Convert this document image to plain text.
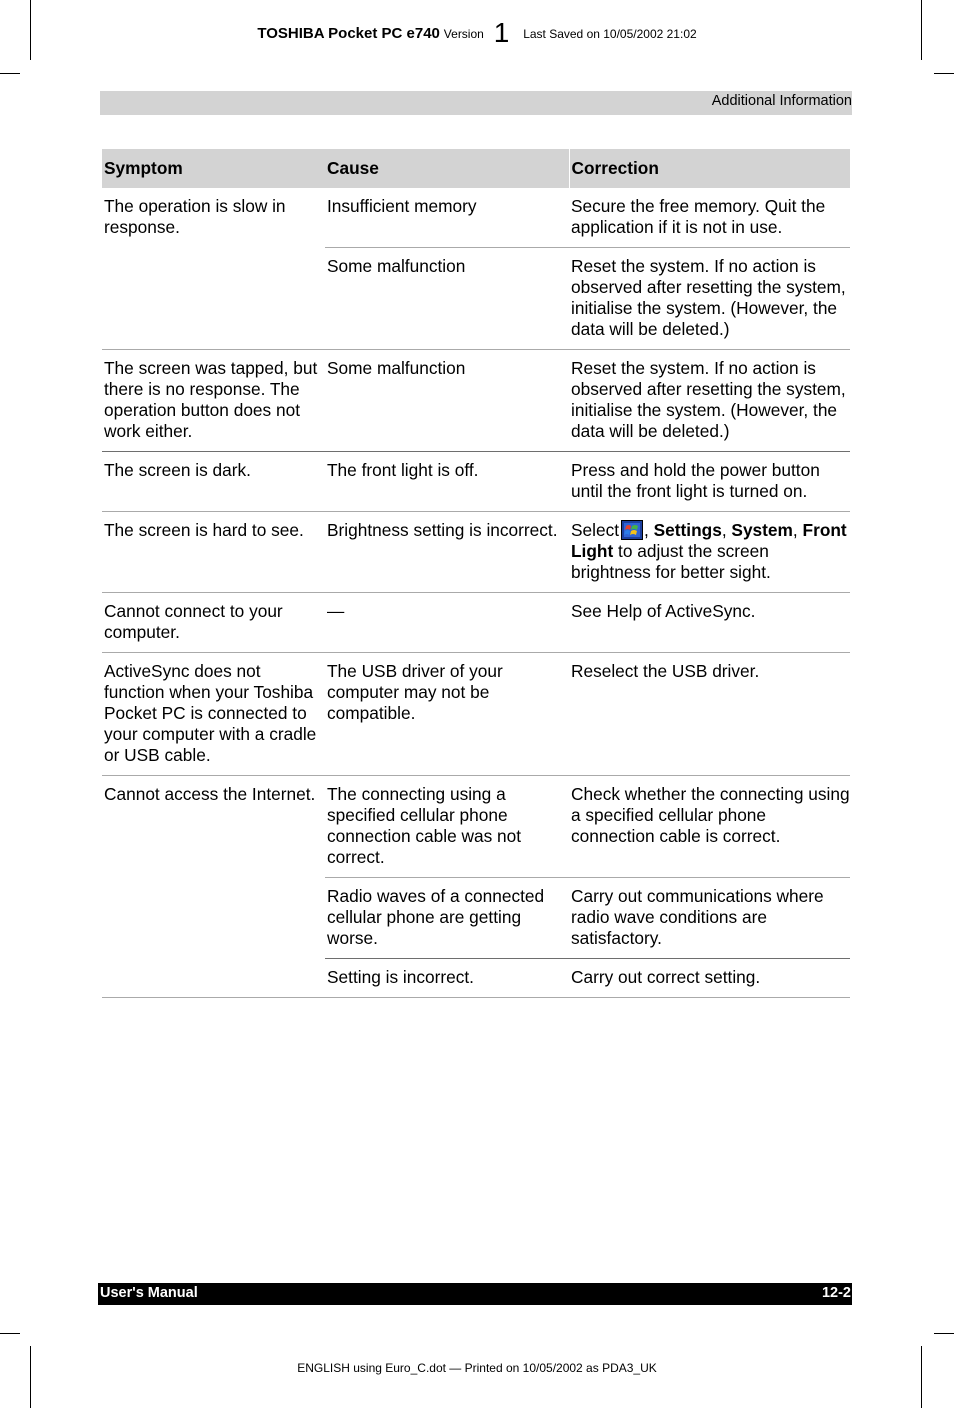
TOSHIBA Pocket PC e740 Version 1 Last Saved on 10/05/2002 21:02
Additional Information
Symptom	Cause	Correction
The operation is slow in response.	Insufficient memory	Secure the free memory. Quit the application if it is not in use.
	Some malfunction	Reset the system. If no action is observed after resetting the system, initialise the system. (However, the data will be deleted.)
The screen was tapped, but there is no response. The operation button does not work either.	Some malfunction	Reset the system. If no action is observed after resetting the system, initialise the system. (However, the data will be deleted.)
The screen is dark.	The front light is off.	Press and hold the power button until the front light is turned on.
The screen is hard to see.	Brightness setting is incorrect.	Select , Settings, System, Front Light to adjust the screen brightness for better sight.
Cannot connect to your computer.	—	See Help of ActiveSync.
ActiveSync does not function when your Toshiba Pocket PC is connected to your computer with a cradle or USB cable.	The USB driver of your computer may not be compatible.	Reselect the USB driver.
Cannot access the Internet.	The connecting using a specified cellular phone connection cable was not correct.	Check whether the connecting using a specified cellular phone connection cable is correct.
	Radio waves of a connected cellular phone are getting worse.	Carry out communications where radio wave conditions are satisfactory.
	Setting is incorrect.	Carry out correct setting.
User's Manual	12-2
ENGLISH using Euro_C.dot — Printed on 10/05/2002 as PDA3_UK
